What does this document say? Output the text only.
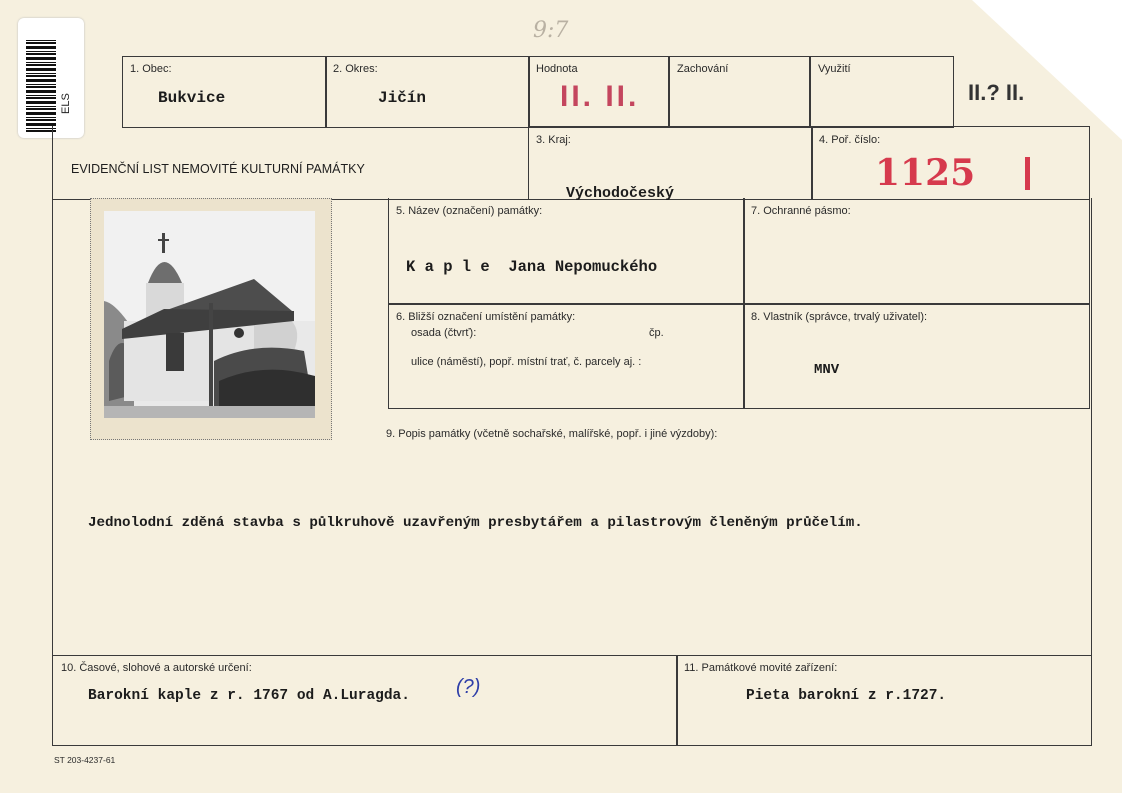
9:7
ELS
1. Obec:
Bukvice
2. Okres:
Jičín
Hodnota
II. II.
Zachování	Využití
II.? II.
EVIDENČNÍ LIST NEMOVITÉ KULTURNÍ PAMÁTKY
3. Kraj:
Východočeský
4. Poř. číslo:
1125
5. Název (označení) památky:
K a p l e  Jana Nepomuckého
7. Ochranné pásmo:
6. Bližší označení umístění památky:
osada (čtvrť):	čp.
ulice (náměstí), popř. místní trať, č. parcely aj. :
8. Vlastník (správce, trvalý uživatel):
MNV
9. Popis památky (včetně sochařské, malířské, popř. i jiné výzdoby):
Jednolodní zděná stavba s půlkruhově uzavřeným presbytářem a pilastrovým členěným průčelím.
10. Časové, slohové a autorské určení:
Barokní kaple z r. 1767 od A.Luragda. (?)
11. Památkové movité zařízení:
Pieta barokní z r.1727.
ST 203-4237-61
